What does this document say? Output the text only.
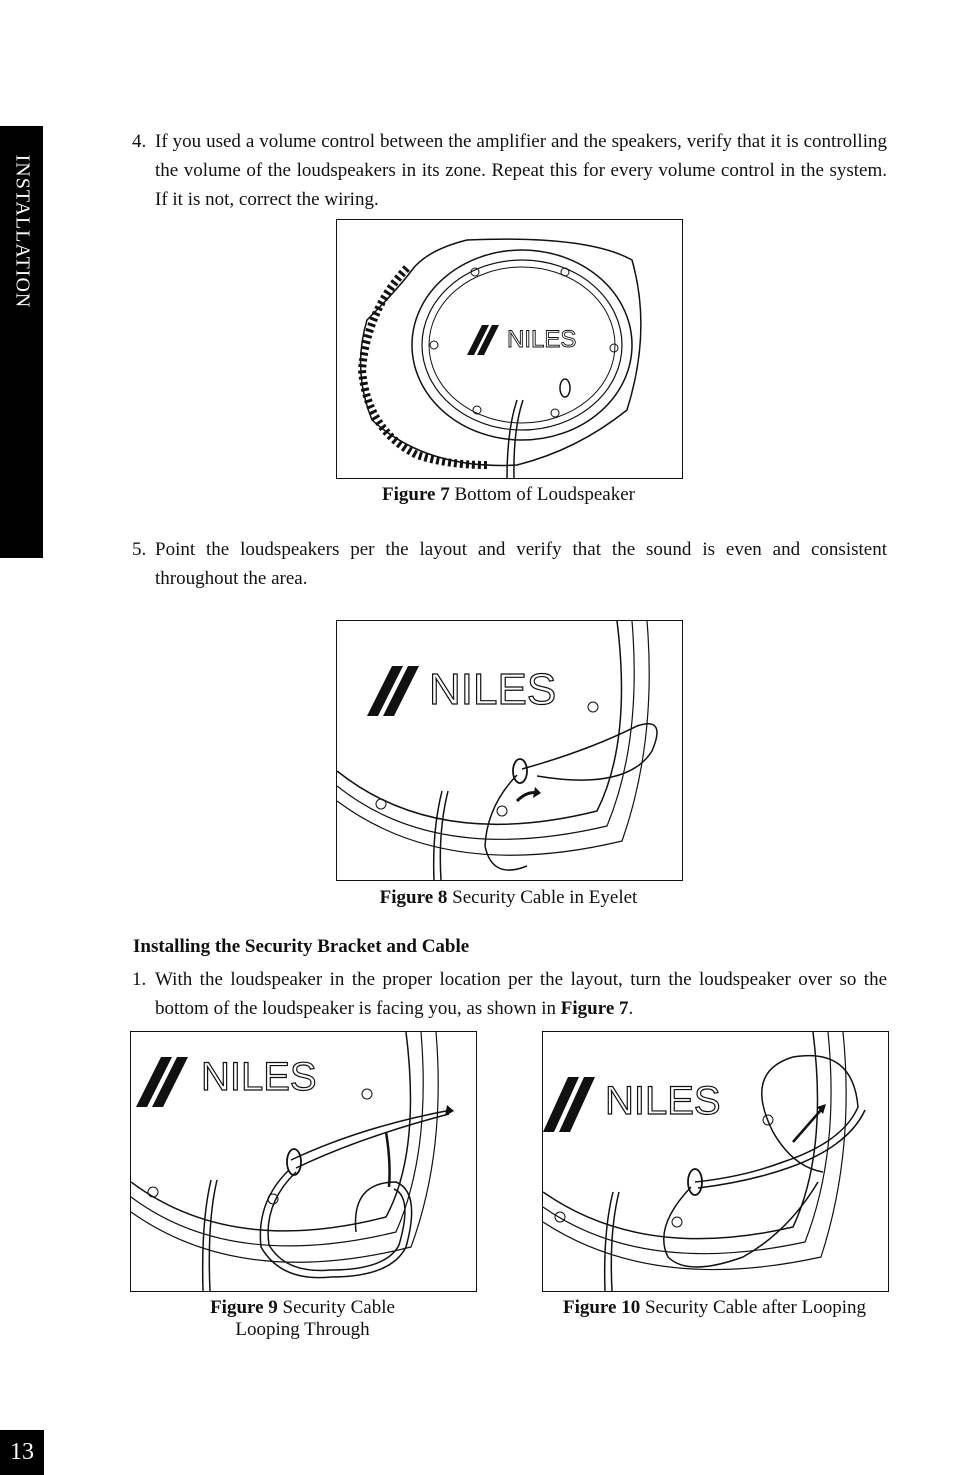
INSTALLATION
4. If you used a volume control between the amplifier and the speakers, verify that it is controlling the volume of the loudspeakers in its zone. Repeat this for every volume control in the system. If it is not, correct the wiring.
NILES
Figure 7 Bottom of Loudspeaker
5. Point the loudspeakers per the layout and verify that the sound is even and consistent throughout the area.
NILES
Figure 8 Security Cable in Eyelet
Installing the Security Bracket and Cable
1. With the loudspeaker in the proper location per the layout, turn the loudspeaker over so the bottom of the loudspeaker is facing you, as shown in Figure 7.
NILES
Figure 9 Security Cable
Looping Through
NILES
Figure 10 Security Cable after Looping
13
